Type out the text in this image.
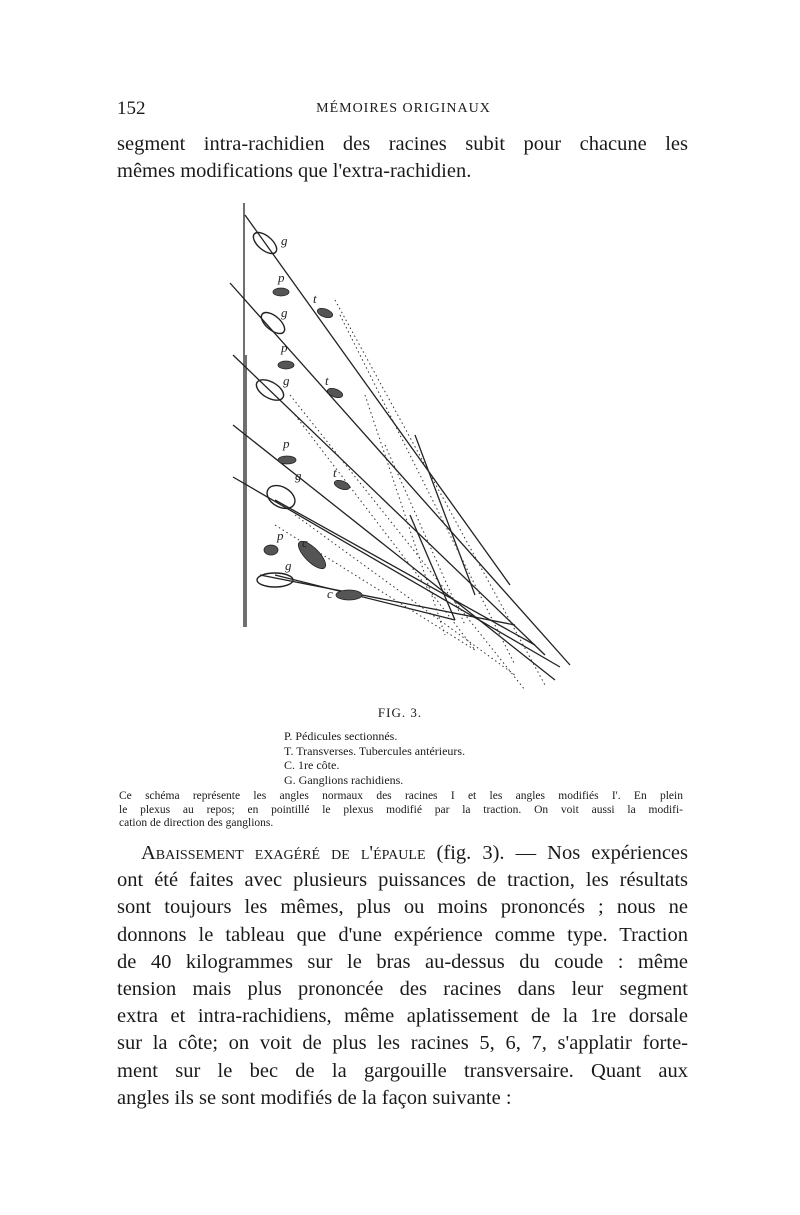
152	MÉMOIRES ORIGINAUX
segment intra-rachidien des racines subit pour chacune les
mêmes modifications que l'extra-rachidien.
g
p
g
t
p
g	t
p
g t
p c
g
c
FIG. 3.
P. Pédicules sectionnés.
T. Transverses. Tubercules antérieurs.
C. 1re côte.
G. Ganglions rachidiens.
Ce schéma représente les angles normaux des racines I et les angles modifiés I'. En plein
le plexus au repos; en pointillé le plexus modifié par la traction. On voit aussi la modifi-
cation de direction des ganglions.
Abaissement exagéré de l'épaule (fig. 3). — Nos expériences
ont été faites avec plusieurs puissances de traction, les résultats
sont toujours les mêmes, plus ou moins prononcés ; nous ne
donnons le tableau que d'une expérience comme type. Traction
de 40 kilogrammes sur le bras au-dessus du coude : même
tension mais plus prononcée des racines dans leur segment
extra et intra-rachidiens, même aplatissement de la 1re dorsale
sur la côte; on voit de plus les racines 5, 6, 7, s'applatir forte-
ment sur le bec de la gargouille transversaire. Quant aux
angles ils se sont modifiés de la façon suivante :
